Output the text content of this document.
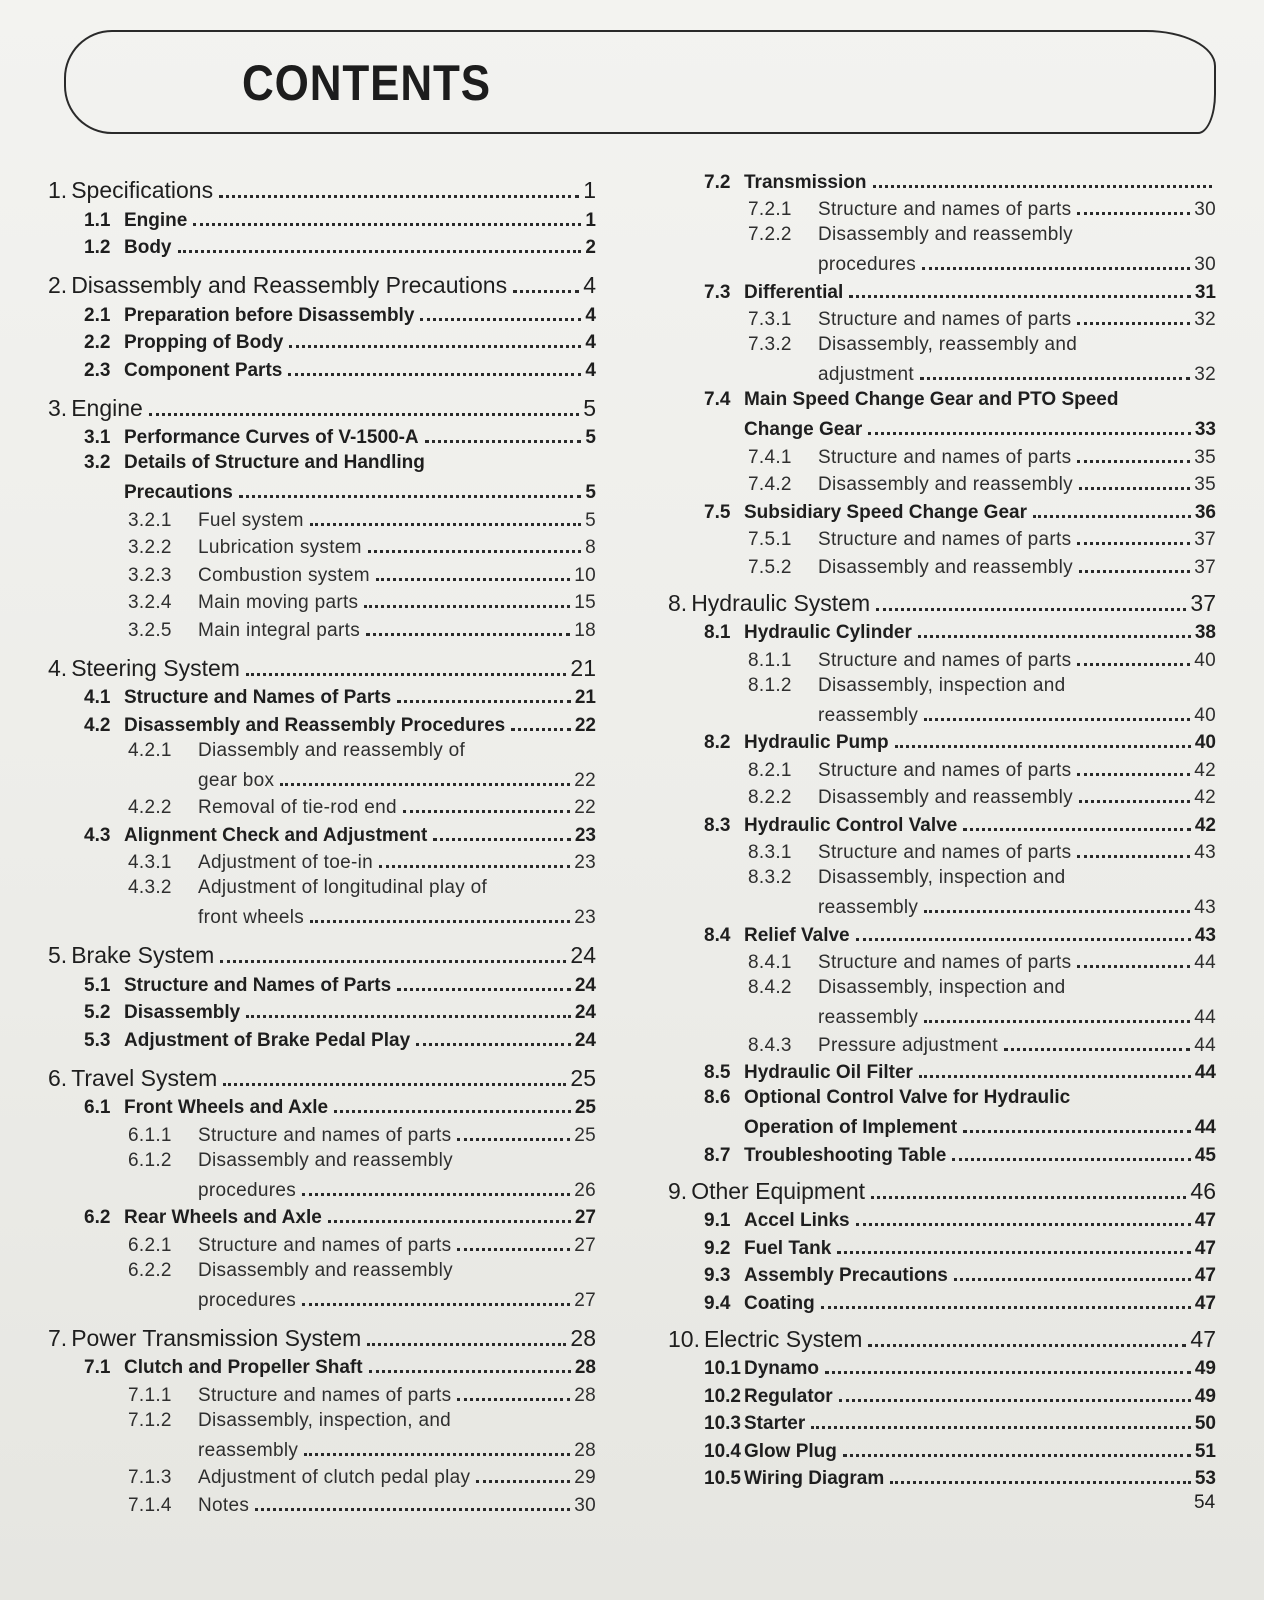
CONTENTS
1. Specifications	1
1.1 Engine	1
1.2 Body	2
2. Disassembly and Reassembly Precautions	4
2.1 Preparation before Disassembly	4
2.2 Propping of Body	4
2.3 Component Parts	4
3. Engine	5
3.1 Performance Curves of V-1500-A	5
3.2 Details of Structure and Handling
Precautions	5
3.2.1	Fuel system	5
3.2.2	Lubrication system	8
3.2.3	Combustion system	10
3.2.4	Main moving parts	15
3.2.5	Main integral parts	18
4. Steering System	21
4.1 Structure and Names of Parts	21
4.2 Disassembly and Reassembly Procedures	22
4.2.1	Diassembly and reassembly of
gear box	22
4.2.2	Removal of tie-rod end	22
4.3 Alignment Check and Adjustment	23
4.3.1	Adjustment of toe-in	23
4.3.2	Adjustment of longitudinal play of
front wheels	23
5. Brake System	24
5.1 Structure and Names of Parts	24
5.2 Disassembly	24
5.3 Adjustment of Brake Pedal Play	24
6. Travel System	25
6.1 Front Wheels and Axle	25
6.1.1	Structure and names of parts	25
6.1.2	Disassembly and reassembly
procedures	26
6.2 Rear Wheels and Axle	27
6.2.1	Structure and names of parts	27
6.2.2	Disassembly and reassembly
procedures	27
7. Power Transmission System	28
7.1 Clutch and Propeller Shaft	28
7.1.1	Structure and names of parts	28
7.1.2	Disassembly, inspection, and
reassembly	28
7.1.3	Adjustment of clutch pedal play	29
7.1.4	Notes	30
7.2 Transmission
7.2.1	Structure and names of parts	30
7.2.2	Disassembly and reassembly
procedures	30
7.3 Differential	31
7.3.1	Structure and names of parts	32
7.3.2	Disassembly, reassembly and
adjustment	32
7.4 Main Speed Change Gear and PTO Speed
Change Gear	33
7.4.1	Structure and names of parts	35
7.4.2	Disassembly and reassembly	35
7.5 Subsidiary Speed Change Gear	36
7.5.1	Structure and names of parts	37
7.5.2	Disassembly and reassembly	37
8. Hydraulic System	37
8.1 Hydraulic Cylinder	38
8.1.1	Structure and names of parts	40
8.1.2	Disassembly, inspection and
reassembly	40
8.2 Hydraulic Pump	40
8.2.1	Structure and names of parts	42
8.2.2	Disassembly and reassembly	42
8.3 Hydraulic Control Valve	42
8.3.1	Structure and names of parts	43
8.3.2	Disassembly, inspection and
reassembly	43
8.4 Relief Valve	43
8.4.1	Structure and names of parts	44
8.4.2	Disassembly, inspection and
reassembly	44
8.4.3	Pressure adjustment	44
8.5 Hydraulic Oil Filter	44
8.6 Optional Control Valve for Hydraulic
Operation of Implement	44
8.7 Troubleshooting Table	45
9. Other Equipment	46
9.1 Accel Links	47
9.2 Fuel Tank	47
9.3 Assembly Precautions	47
9.4 Coating	47
10. Electric System	47
10.1 Dynamo	49
10.2 Regulator	49
10.3 Starter	50
10.4 Glow Plug	51
10.5 Wiring Diagram	53
54
